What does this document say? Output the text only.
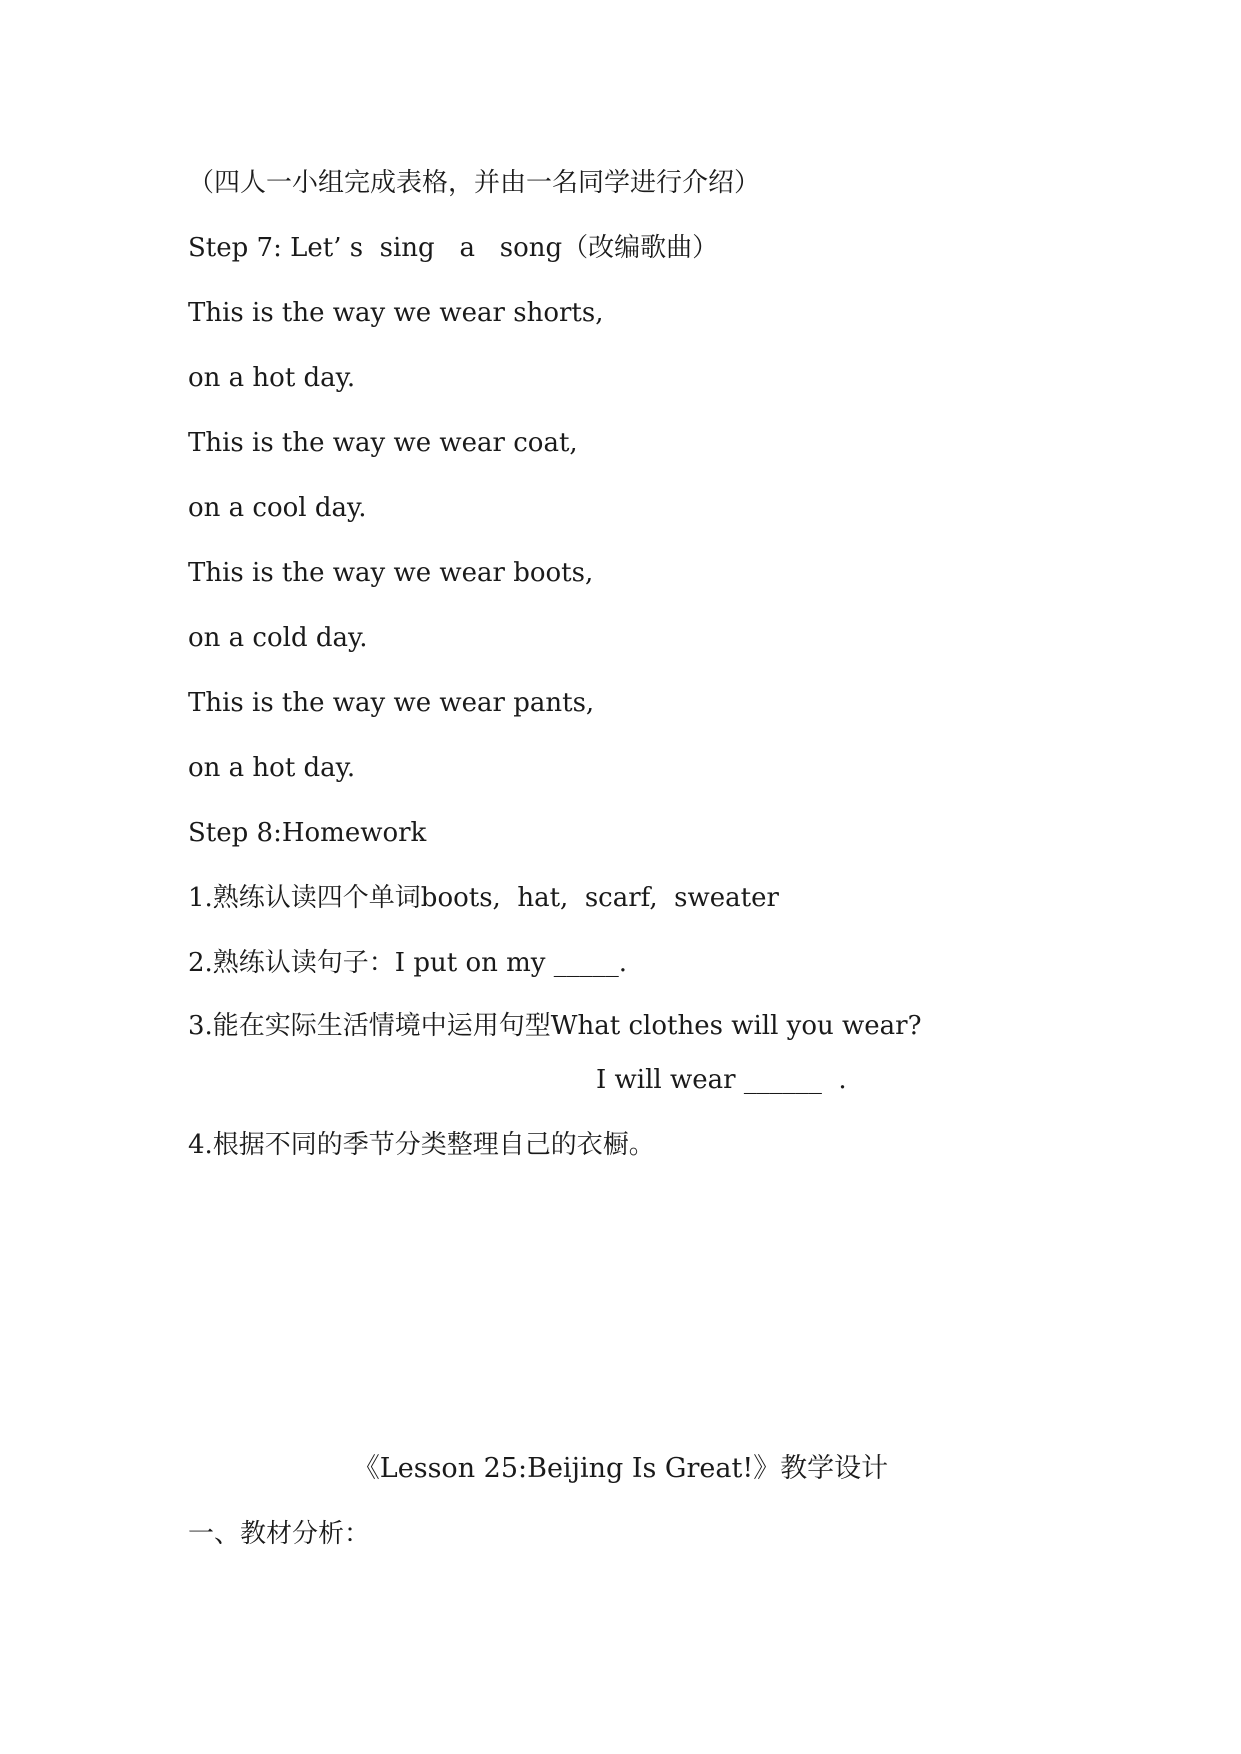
（四人一小组完成表格，并由一名同学进行介绍）

Step 7: Let’ s  sing   a   song（改编歌曲）

This is the way we wear shorts,

on a hot day.

This is the way we wear coat,

on a cool day.

This is the way we wear boots,

on a cold day.

This is the way we wear pants,

on a hot day.

Step 8:Homework

1.熟练认读四个单词boots,  hat,  scarf,  sweater

2.熟练认读句子：I put on my _____.

3.能在实际生活情境中运用句型What clothes will you wear?

I will wear ______  .

4.根据不同的季节分类整理自己的衣橱。

《Lesson 25:Beijing Is Great!》教学设计

一、教材分析：
